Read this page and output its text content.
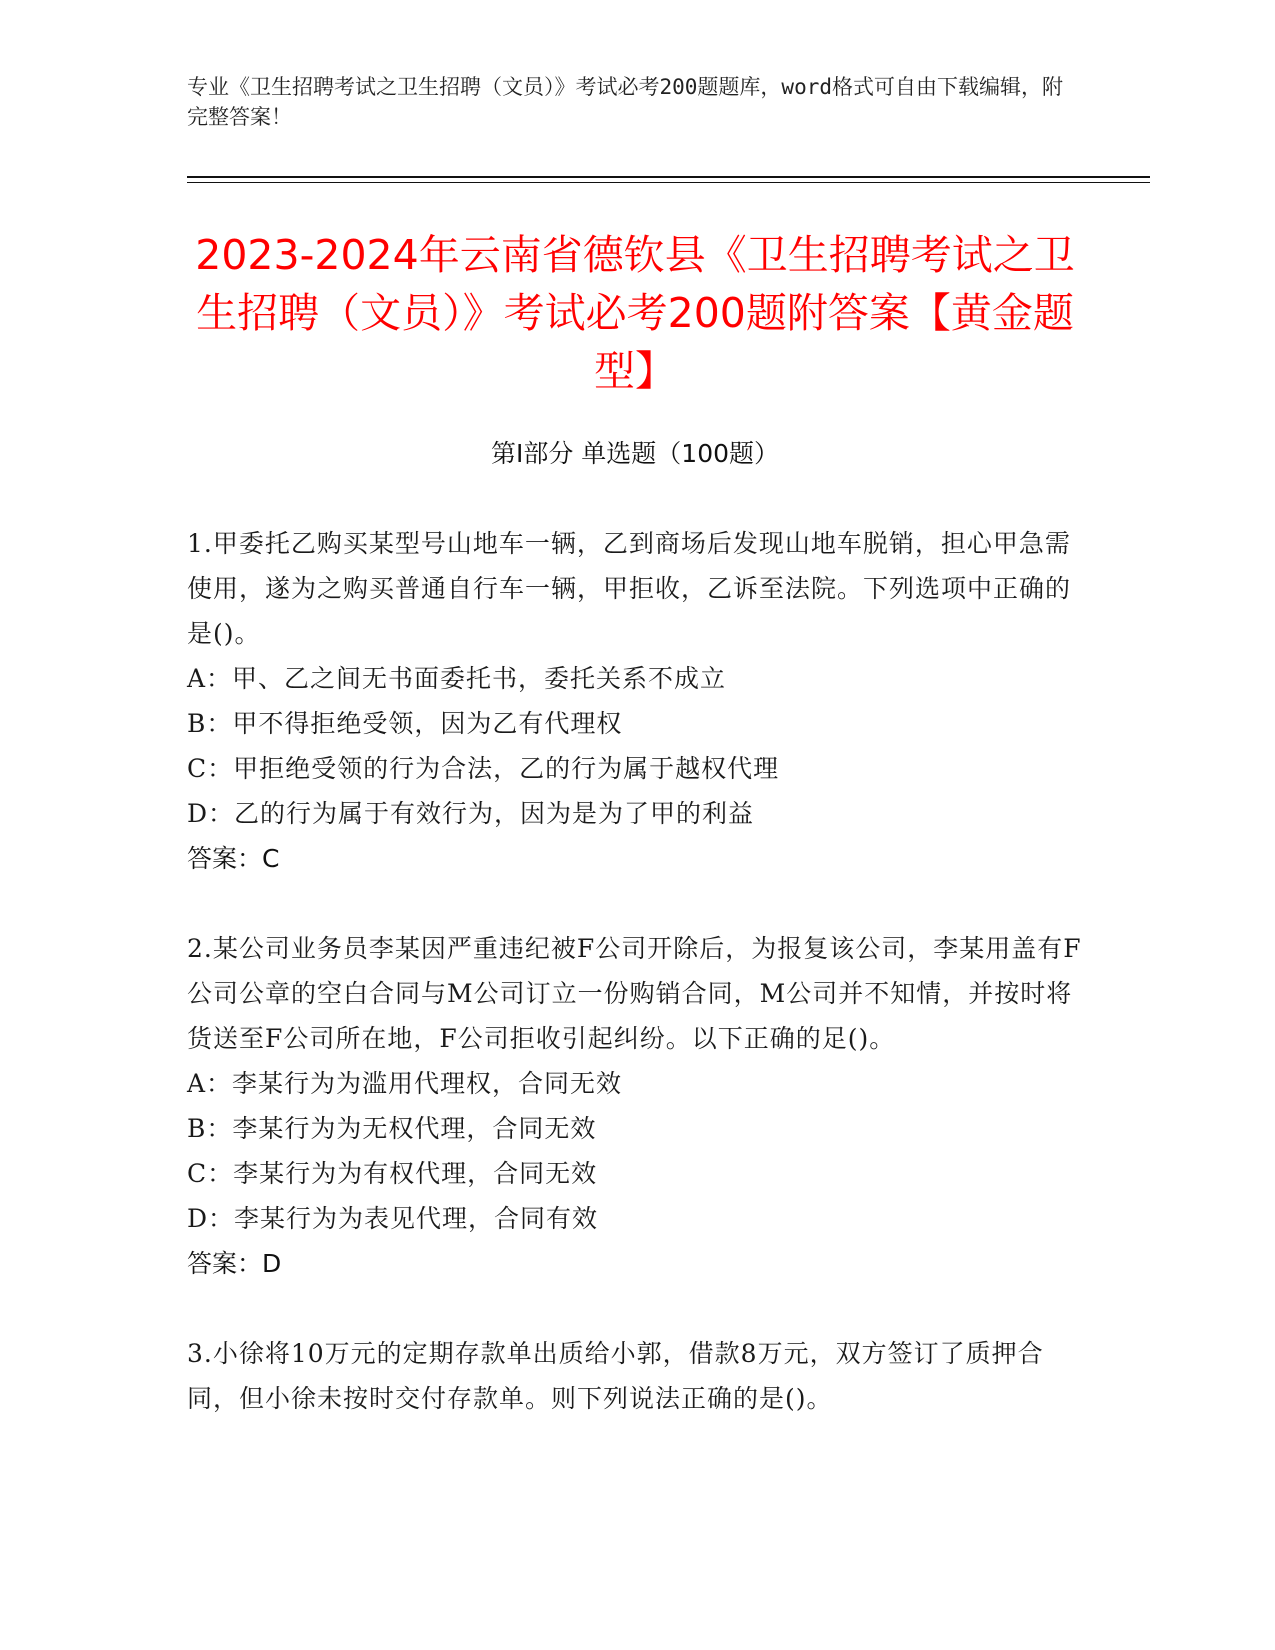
专业《卫生招聘考试之卫生招聘（文员）》考试必考200题题库，word格式可自由下载编辑，附完整答案！
2023-2024年云南省德钦县《卫生招聘考试之卫生招聘（文员）》考试必考200题附答案【黄金题型】
第Ⅰ部分 单选题（100题）
1.甲委托乙购买某型号山地车一辆，乙到商场后发现山地车脱销，担心甲急需使用，遂为之购买普通自行车一辆，甲拒收，乙诉至法院。下列选项中正确的是()。
A：甲、乙之间无书面委托书，委托关系不成立
B：甲不得拒绝受领，因为乙有代理权
C：甲拒绝受领的行为合法，乙的行为属于越权代理
D：乙的行为属于有效行为，因为是为了甲的利益
答案：C
2.某公司业务员李某因严重违纪被F公司开除后，为报复该公司，李某用盖有F公司公章的空白合同与M公司订立一份购销合同，M公司并不知情，并按时将货送至F公司所在地，F公司拒收引起纠纷。以下正确的足()。
A：李某行为为滥用代理权，合同无效
B：李某行为为无权代理，合同无效
C：李某行为为有权代理，合同无效
D：李某行为为表见代理，合同有效
答案：D
3.小徐将10万元的定期存款单出质给小郭，借款8万元，双方签订了质押合同，但小徐未按时交付存款单。则下列说法正确的是()。
